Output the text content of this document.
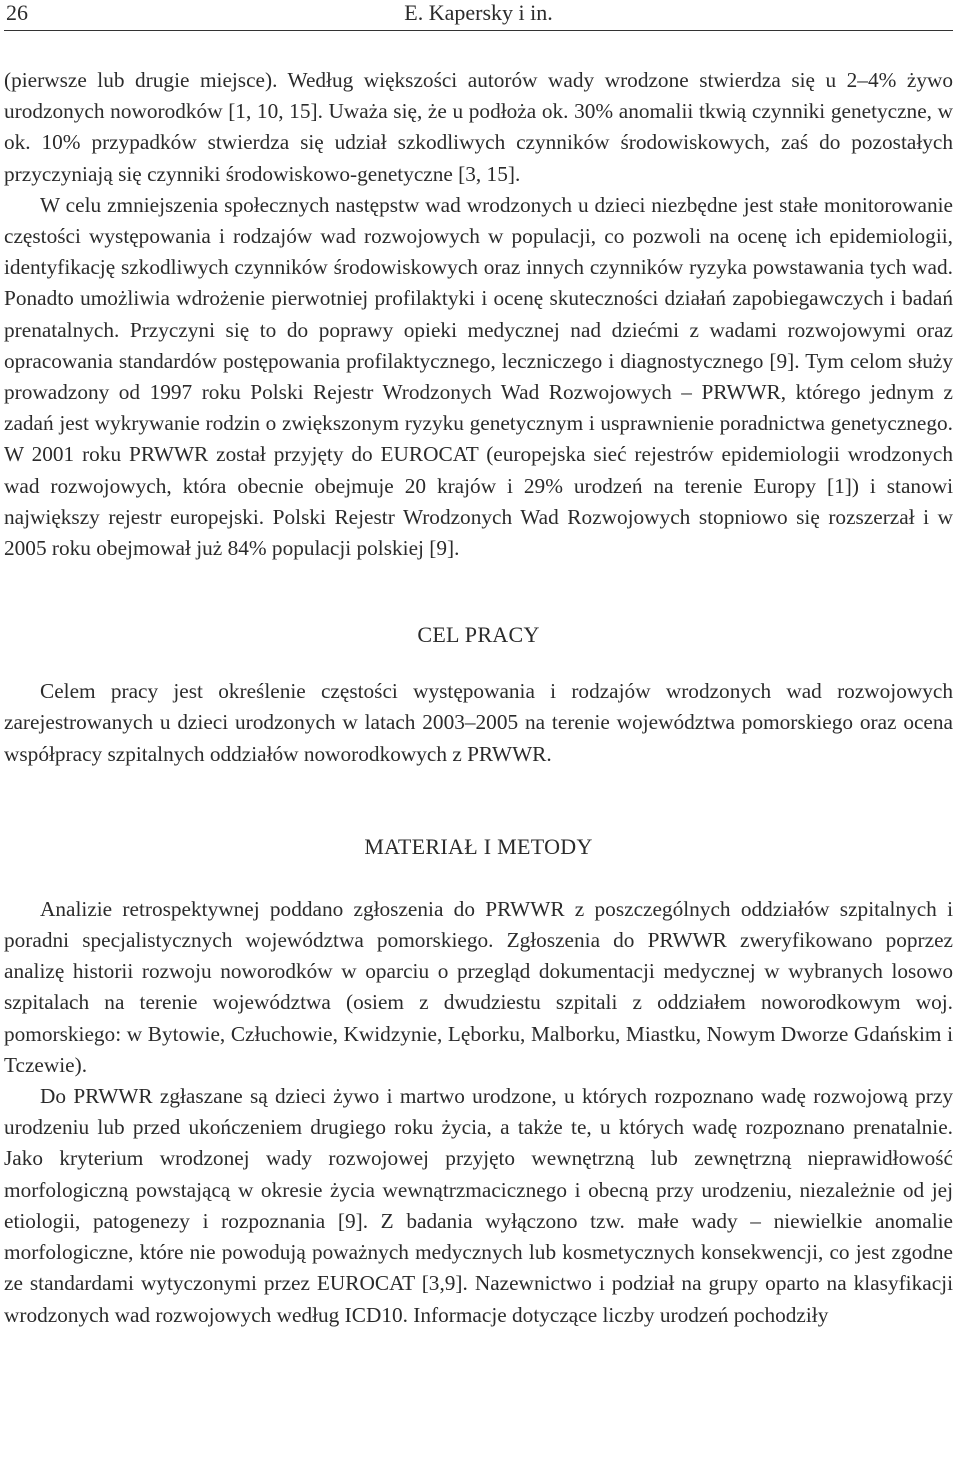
26	E. Kapersky i in.

(pierwsze lub drugie miejsce). Według większości autorów wady wrodzone stwierdza się u 2–4% żywo urodzonych noworodków [1, 10, 15]. Uważa się, że u podłoża ok. 30% anomalii tkwią czynniki genetyczne, w ok. 10% przypadków stwierdza się udział szkodliwych czynników środowiskowych, zaś do pozostałych przyczyniają się czynniki środowiskowo-genetyczne [3, 15].

W celu zmniejszenia społecznych następstw wad wrodzonych u dzieci niezbędne jest stałe monitorowanie częstości występowania i rodzajów wad rozwojowych w populacji, co pozwoli na ocenę ich epidemiologii, identyfikację szkodliwych czynników środowiskowych oraz innych czynników ryzyka powstawania tych wad. Ponadto umożliwia wdrożenie pierwotniej profilaktyki i ocenę skuteczności działań zapobiegawczych i badań prenatalnych. Przyczyni się to do poprawy opieki medycznej nad dziećmi z wadami rozwojowymi oraz opracowania standardów postępowania profilaktycznego, leczniczego i diagnostycznego [9]. Tym celom służy prowadzony od 1997 roku Polski Rejestr Wrodzonych Wad Rozwojowych – PRWWR, którego jednym z zadań jest wykrywanie rodzin o zwiększonym ryzyku genetycznym i usprawnienie poradnictwa genetycznego. W 2001 roku PRWWR został przyjęty do EUROCAT (europejska sieć rejestrów epidemiologii wrodzonych wad rozwojowych, która obecnie obejmuje 20 krajów i 29% urodzeń na terenie Europy [1]) i stanowi największy rejestr europejski. Polski Rejestr Wrodzonych Wad Rozwojowych stopniowo się rozszerzał i w 2005 roku obejmował już 84% populacji polskiej [9].

CEL PRACY

Celem pracy jest określenie częstości występowania i rodzajów wrodzonych wad rozwojowych zarejestrowanych u dzieci urodzonych w latach 2003–2005 na terenie województwa pomorskiego oraz ocena współpracy szpitalnych oddziałów noworodkowych z PRWWR.

MATERIAŁ I METODY

Analizie retrospektywnej poddano zgłoszenia do PRWWR z poszczególnych oddziałów szpitalnych i poradni specjalistycznych województwa pomorskiego. Zgłoszenia do PRWWR zweryfikowano poprzez analizę historii rozwoju noworodków w oparciu o przegląd dokumentacji medycznej w wybranych losowo szpitalach na terenie województwa (osiem z dwudziestu szpitali z oddziałem noworodkowym woj. pomorskiego: w Bytowie, Człuchowie, Kwidzynie, Lęborku, Malborku, Miastku, Nowym Dworze Gdańskim i Tczewie).

Do PRWWR zgłaszane są dzieci żywo i martwo urodzone, u których rozpoznano wadę rozwojową przy urodzeniu lub przed ukończeniem drugiego roku życia, a także te, u których wadę rozpoznano prenatalnie. Jako kryterium wrodzonej wady rozwojowej przyjęto wewnętrzną lub zewnętrzną nieprawidłowość morfologiczną powstającą w okresie życia wewnątrzmacicznego i obecną przy urodzeniu, niezależnie od jej etiologii, patogenezy i rozpoznania [9]. Z badania wyłączono tzw. małe wady – niewielkie anomalie morfologiczne, które nie powodują poważnych medycznych lub kosmetycznych konsekwencji, co jest zgodne ze standardami wytyczonymi przez EUROCAT [3,9]. Nazewnictwo i podział na grupy oparto na klasyfikacji wrodzonych wad rozwojowych według ICD10. Informacje dotyczące liczby urodzeń pochodziły
